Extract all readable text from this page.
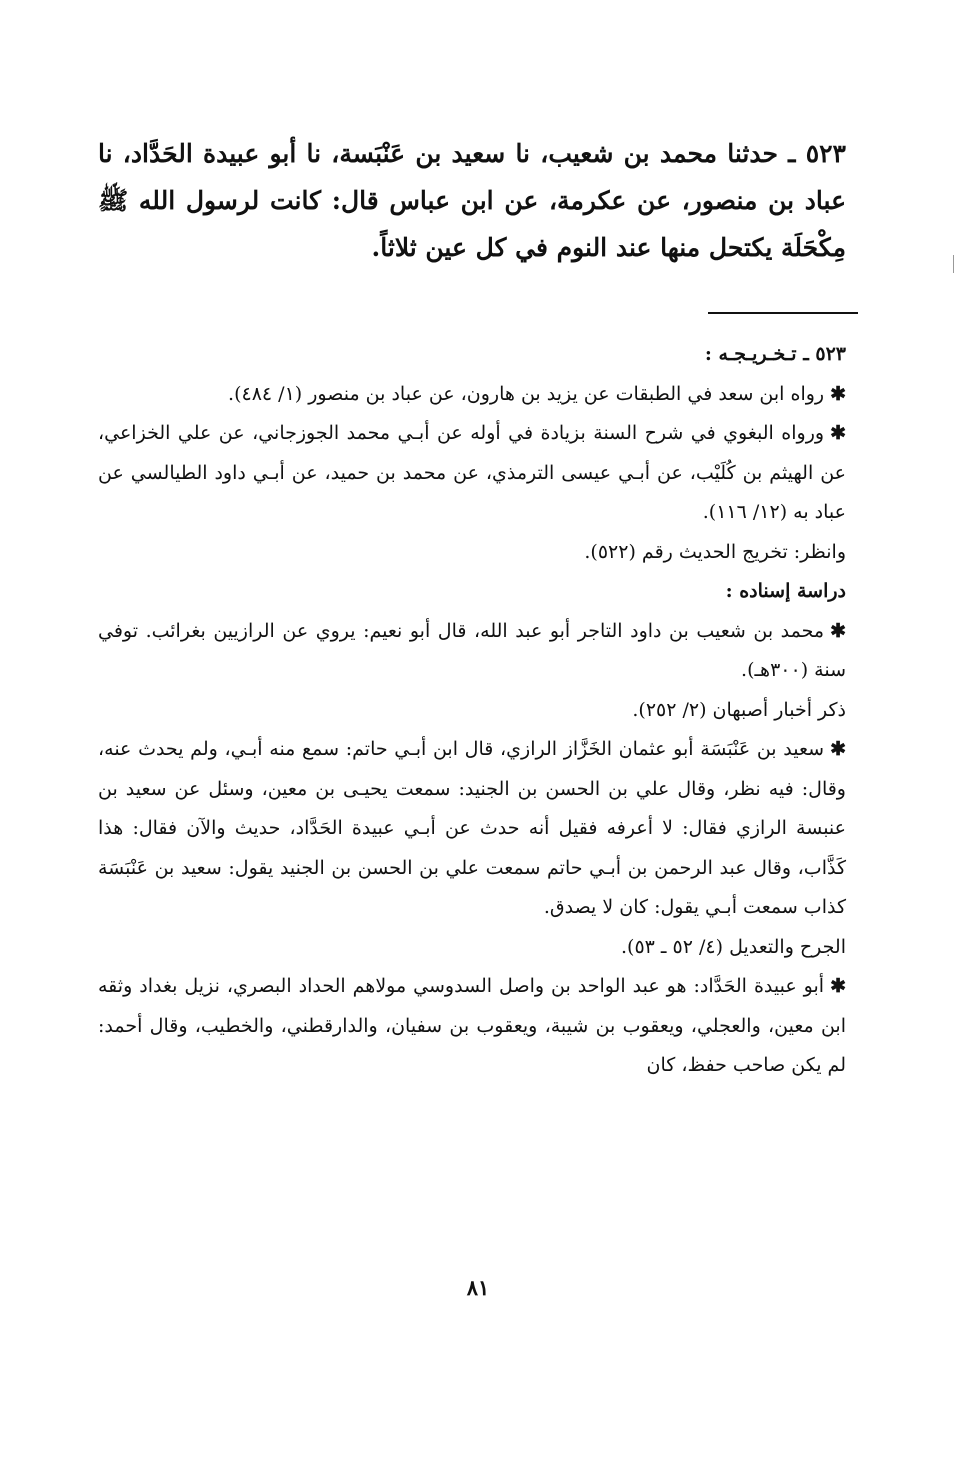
٥٢٣ ـ حدثنا محمد بن شعيب، نا سعيد بن عَنْبَسة، نا أبو عبيدة الحَدَّاد، نا عباد بن منصور، عن عكرمة، عن ابن عباس قال: كانت لرسول الله ﷺ مِكْحَلَة يكتحل منها عند النوم في كل عين ثلاثاً.

٥٢٣ ـ تـخـريـجـه :

✱رواه ابن سعد في الطبقات عن يزيد بن هارون، عن عباد بن منصور (١/ ٤٨٤).

✱ورواه البغوي في شرح السنة بزيادة في أوله عن أبـي محمد الجوزجاني، عن علي الخزاعي، عن الهيثم بن كُلَيْب، عن أبـي عيسى الترمذي، عن محمد بن حميد، عن أبـي داود الطيالسي عن عباد به (١٢/ ١١٦).

وانظر: تخريج الحديث رقم (٥٢٢).

دراسة إسناده :

✱محمد بن شعيب بن داود التاجر أبو عبد الله، قال أبو نعيم: يروي عن الرازيين بغرائب. توفي سنة (٣٠٠هـ).

ذكر أخبار أصبهان (٢/ ٢٥٢).

✱سعيد بن عَنْبَسَة أبو عثمان الخَزَّاز الرازي، قال ابن أبـي حاتم: سمع منه أبـي، ولم يحدث عنه، وقال: فيه نظر، وقال علي بن الحسن بن الجنيد: سمعت يحيـى بن معين، وسئل عن سعيد بن عنبسة الرازي فقال: لا أعرفه فقيل أنه حدث عن أبـي عبيدة الحَدَّاد، حديث والآن فقال: هذا كَذَّاب، وقال عبد الرحمن بن أبـي حاتم سمعت علي بن الحسن بن الجنيد يقول: سعيد بن عَنْبَسَة كذاب سمعت أبـي يقول: كان لا يصدق.

الجرح والتعديل (٤/ ٥٢ ـ ٥٣).

✱أبو عبيدة الحَدَّاد: هو عبد الواحد بن واصل السدوسي مولاهم الحداد البصري، نزيل بغداد وثقه ابن معين، والعجلي، ويعقوب بن شيبة، ويعقوب بن سفيان، والدارقطني، والخطيب، وقال أحمد: لم يكن صاحب حفظ، كان

٨١
